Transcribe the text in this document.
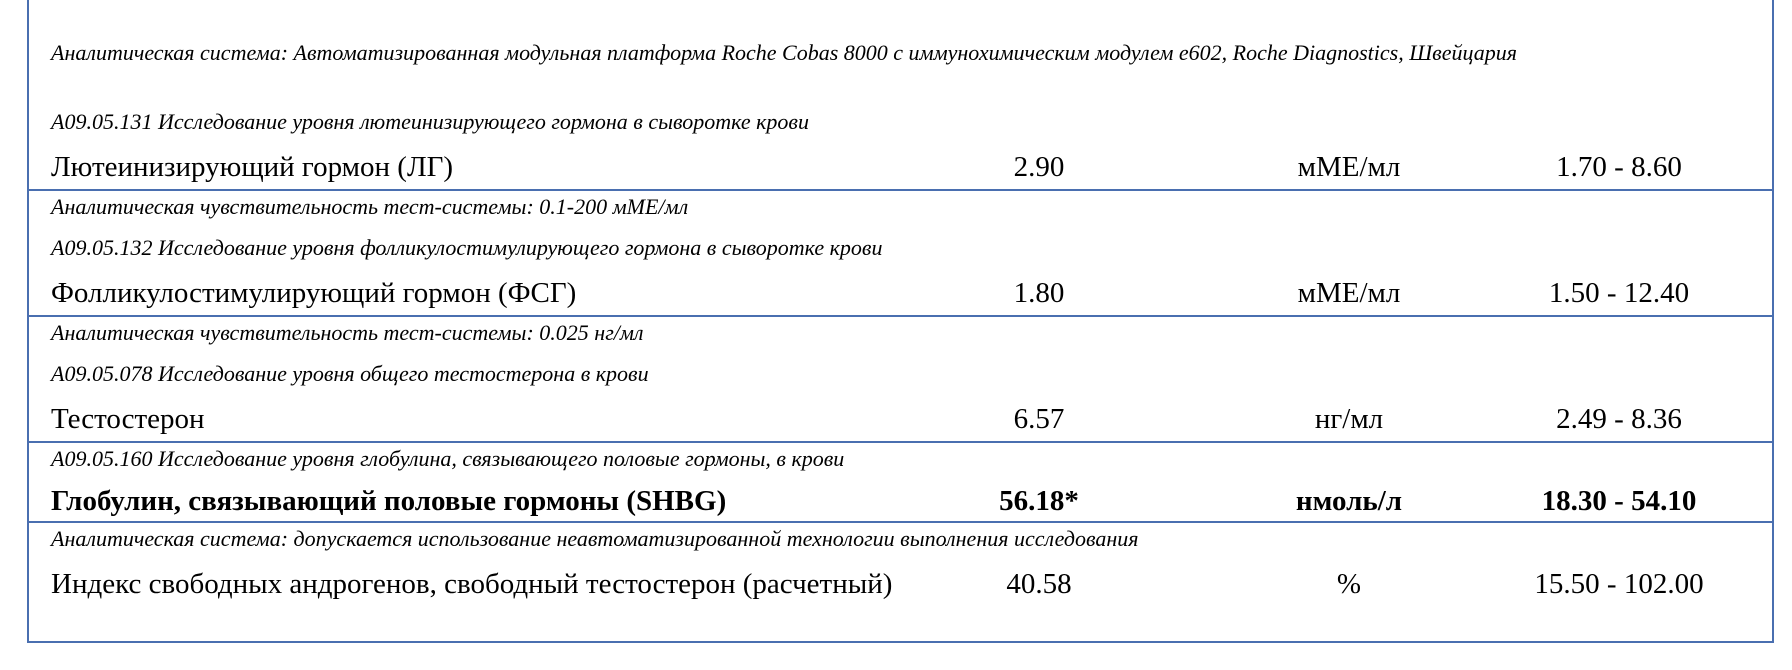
Аналитическая система: Автоматизированная модульная платформа Roche Cobas 8000 с иммунохимическим модулем е602, Roche Diagnostics, Швейцария
А09.05.131 Исследование уровня лютеинизирующего гормона в сыворотке крови
Лютеинизирующий гормон (ЛГ)	2.90	мМЕ/мл	1.70 - 8.60
Аналитическая чувствительность тест-системы: 0.1-200 мМЕ/мл
А09.05.132 Исследование уровня фолликулостимулирующего гормона в сыворотке крови
Фолликулостимулирующий гормон (ФСГ)	1.80	мМЕ/мл	1.50 - 12.40
Аналитическая чувствительность тест-системы: 0.025 нг/мл
А09.05.078 Исследование уровня общего тестостерона в крови
Тестостерон	6.57	нг/мл	2.49 - 8.36
А09.05.160 Исследование уровня глобулина, связывающего половые гормоны, в крови
Глобулин, связывающий половые гормоны (SHBG)	56.18*	нмоль/л	18.30 - 54.10
Аналитическая система: допускается использование неавтоматизированной технологии выполнения исследования
Индекс свободных андрогенов, свободный тестостерон (расчетный)	40.58	%	15.50 - 102.00
